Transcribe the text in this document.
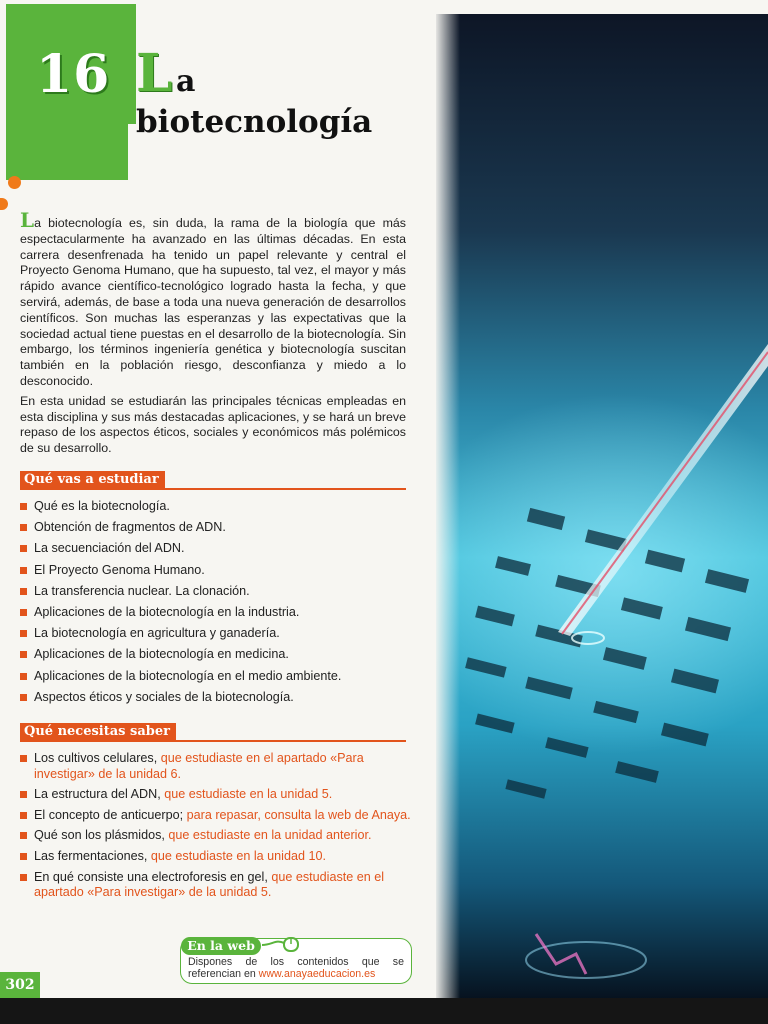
16 L a
biotecnología

La biotecnología es, sin duda, la rama de la biología que más espectacularmente ha avanzado en las últimas décadas. En esta carrera desenfrenada ha tenido un papel relevante y central el Proyecto Genoma Humano, que ha supuesto, tal vez, el mayor y más rápido avance científico-tecnológico logrado hasta la fecha, y que servirá, además, de base a toda una nueva generación de desarrollos científicos. Son muchas las esperanzas y las expectativas que la sociedad actual tiene puestas en el desarrollo de la biotecnología. Sin embargo, los términos ingeniería genética y biotecnología suscitan también en la población riesgo, desconfianza y miedo a lo desconocido.

En esta unidad se estudiarán las principales técnicas empleadas en esta disciplina y sus más destacadas aplicaciones, y se hará un breve repaso de los aspectos éticos, sociales y económicos más polémicos de su desarrollo.

Qué vas a estudiar
Qué es la biotecnología.
Obtención de fragmentos de ADN.
La secuenciación del ADN.
El Proyecto Genoma Humano.
La transferencia nuclear. La clonación.
Aplicaciones de la biotecnología en la industria.
La biotecnología en agricultura y ganadería.
Aplicaciones de la biotecnología en medicina.
Aplicaciones de la biotecnología en el medio ambiente.
Aspectos éticos y sociales de la biotecnología.
Qué necesitas saber
Los cultivos celulares, que estudiaste en el apartado «Para investigar» de la unidad 6.
La estructura del ADN, que estudiaste en la unidad 5.
El concepto de anticuerpo; para repasar, consulta la web de Anaya.
Qué son los plásmidos, que estudiaste en la unidad anterior.
Las fermentaciones, que estudiaste en la unidad 10.
En qué consiste una electroforesis en gel, que estudiaste en el apartado «Para investigar» de la unidad 5.
En la web
Dispones de los contenidos que se referencian en www.anayaeducacion.es
302
